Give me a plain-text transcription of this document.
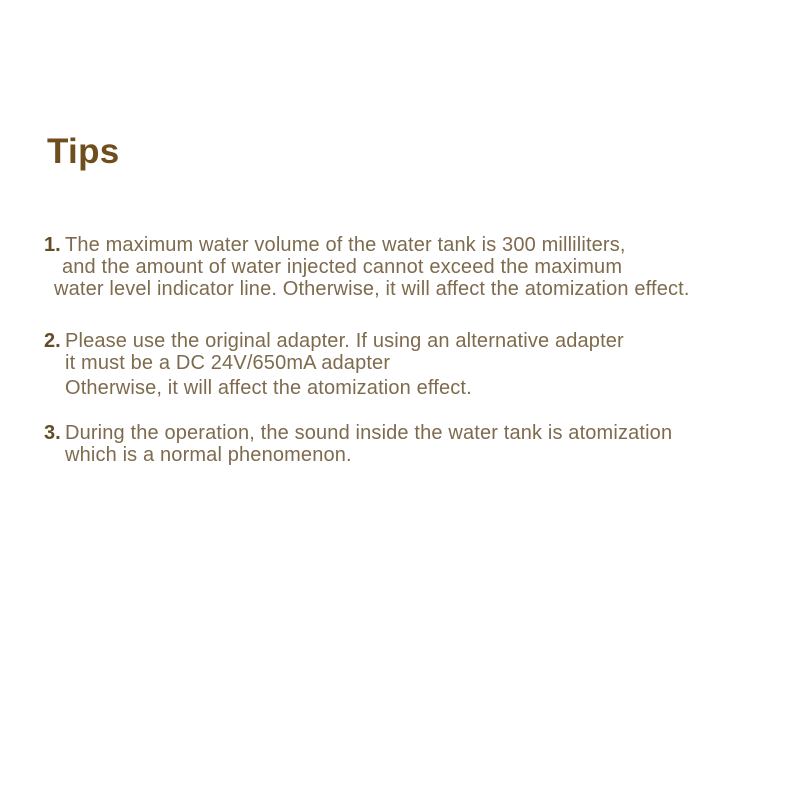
Tips
1. The maximum water volume of the water tank is 300 milliliters,
and the amount of water injected cannot exceed the maximum
water level indicator line. Otherwise, it will affect the atomization effect.
2. Please use the original adapter. If using an alternative adapter
it must be a DC 24V/650mA adapter
Otherwise, it will affect the atomization effect.
3. During the operation, the sound inside the water tank is atomization
which is a normal phenomenon.
